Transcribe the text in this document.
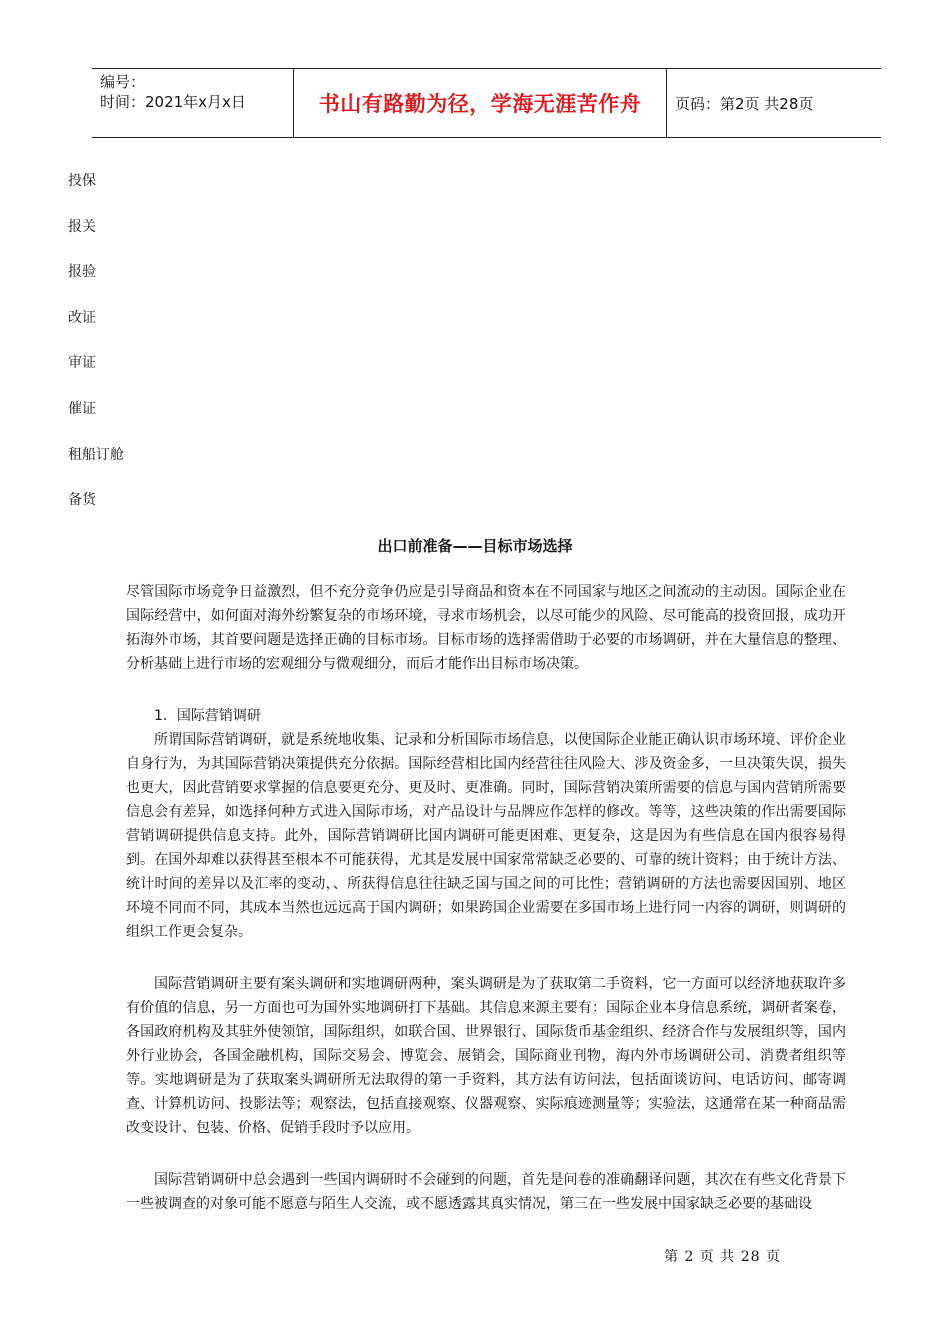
编号：
时间：2021年x月x日	书山有路勤为径，学海无涯苦作舟	页码：第2页 共28页
投保
报关
报验
改证
审证
催证
租船订舱
备货
出口前准备——目标市场选择

尽管国际市场竞争日益激烈，但不充分竞争仍应是引导商品和资本在不同国家与地区之间流动的主动因。国际企业在国际经营中，如何面对海外纷繁复杂的市场环境，寻求市场机会，以尽可能少的风险、尽可能高的投资回报，成功开拓海外市场，其首要问题是选择正确的目标市场。目标市场的选择需借助于必要的市场调研，并在大量信息的整理、分析基础上进行市场的宏观细分与微观细分，而后才能作出目标市场决策。

1．国际营销调研

所谓国际营销调研，就是系统地收集、记录和分析国际市场信息，以使国际企业能正确认识市场环境、评价企业自身行为，为其国际营销决策提供充分依据。国际经营相比国内经营往往风险大、涉及资金多，一旦决策失误，损失也更大，因此营销要求掌握的信息要更充分、更及时、更准确。同时，国际营销决策所需要的信息与国内营销所需要信息会有差异，如选择何种方式进入国际市场，对产品设计与品牌应作怎样的修改。等等，这些决策的作出需要国际营销调研提供信息支持。此外，国际营销调研比国内调研可能更困难、更复杂，这是因为有些信息在国内很容易得到。在国外却难以获得甚至根本不可能获得，尤其是发展中国家常常缺乏必要的、可靠的统计资料；由于统计方法、统计时间的差异以及汇率的变动，、所获得信息往往缺乏国与国之间的可比性；营销调研的方法也需要因国别、地区环境不同而不同，其成本当然也远远高于国内调研；如果跨国企业需要在多国市场上进行同一内容的调研，则调研的组织工作更会复杂。

国际营销调研主要有案头调研和实地调研两种，案头调研是为了获取第二手资料，它一方面可以经济地获取许多有价值的信息，另一方面也可为国外实地调研打下基础。其信息来源主要有：国际企业本身信息系统，调研者案卷，各国政府机构及其驻外使领馆，国际组织，如联合国、世界银行、国际货币基金组织、经济合作与发展组织等，国内外行业协会，各国金融机构，国际交易会、博览会、展销会，国际商业刊物，海内外市场调研公司、消费者组织等等。实地调研是为了获取案头调研所无法取得的第一手资料，其方法有访问法，包括面谈访问、电话访问、邮寄调查、计算机访问、投影法等；观察法，包括直接观察、仪器观察、实际痕迹测量等；实验法，这通常在某一种商品需改变设计、包装、价格、促销手段时予以应用。

国际营销调研中总会遇到一些国内调研时不会碰到的问题，首先是问卷的准确翻译问题，其次在有些文化背景下一些被调查的对象可能不愿意与陌生人交流，或不愿透露其真实情况，第三在一些发展中国家缺乏必要的基础设

第 2 页 共 28 页
